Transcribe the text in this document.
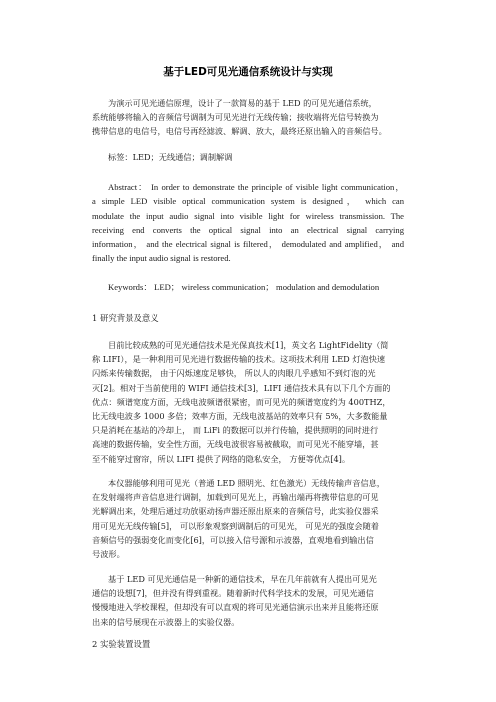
基于LED可见光通信系统设计与实现
为演示可见光通信原理，设计了一款简易的基于 LED 的可见光通信系统，
系统能够将输入的音频信号调制为可见光进行无线传输；接收端将光信号转换为
携带信息的电信号，电信号再经滤波、解调、放大，最终还原出输入的音频信号。
标签：LED；无线通信；调制解调
Abstract： In order to demonstrate the principle of visible light communication，
a simple LED visible optical communication system is designed， which can
modulate the input audio signal into visible light for wireless transmission. The
receiving end converts the optical signal into an electrical signal carrying
information， and the electrical signal is filtered， demodulated and amplified， and
finally the input audio signal is restored.
Keywords： LED； wireless communication； modulation and demodulation
1 研究背景及意义
目前比较成熟的可见光通信技术是光保真技术[1]，英文名 LightFidelity（简
称 LIFI），是一种利用可见光进行数据传输的技术。这项技术利用 LED 灯泡快速
闪烁来传输数据， 由于闪烁速度足够快， 所以人的肉眼几乎感知不到灯泡的光
灭[2]。相对于当前使用的 WIFI 通信技术[3]，LIFI 通信技术具有以下几个方面的
优点：频谱宽度方面，无线电波频谱很紧密，而可见光的频谱宽度约为 400THZ，
比无线电波多 1000 多倍；效率方面，无线电波基站的效率只有 5%，大多数能量
只是消耗在基站的冷却上， 而 LiFi 的数据可以并行传输，提供照明的同时进行
高速的数据传输，安全性方面，无线电波很容易被截取，而可见光不能穿墙，甚
至不能穿过窗帘，所以 LIFI 提供了网络的隐私安全， 方便等优点[4]。
本仪器能够利用可见光（普通 LED 照明光、红色激光）无线传输声音信息，
在发射端将声音信息进行调制，加载到可见光上，再输出端再将携带信息的可见
光解调出来，处理后通过功放驱动扬声器还原出原来的音频信号，此实验仪器采
用可见光无线传输[5]， 可以形象观察到调制后的可见光， 可见光的强度会随着
音频信号的强弱变化而变化[6]，可以接入信号源和示波器，直观地看到输出信
号波形。
基于 LED 可见光通信是一种新的通信技术，早在几年前就有人提出可见光
通信的设想[7]，但并没有得到重视。随着新时代科学技术的发展，可见光通信
慢慢地进入学校课程，但却没有可以直观的将可见光通信演示出来并且能将还原
出来的信号展现在示波器上的实验仪器。
2 实验装置设置
